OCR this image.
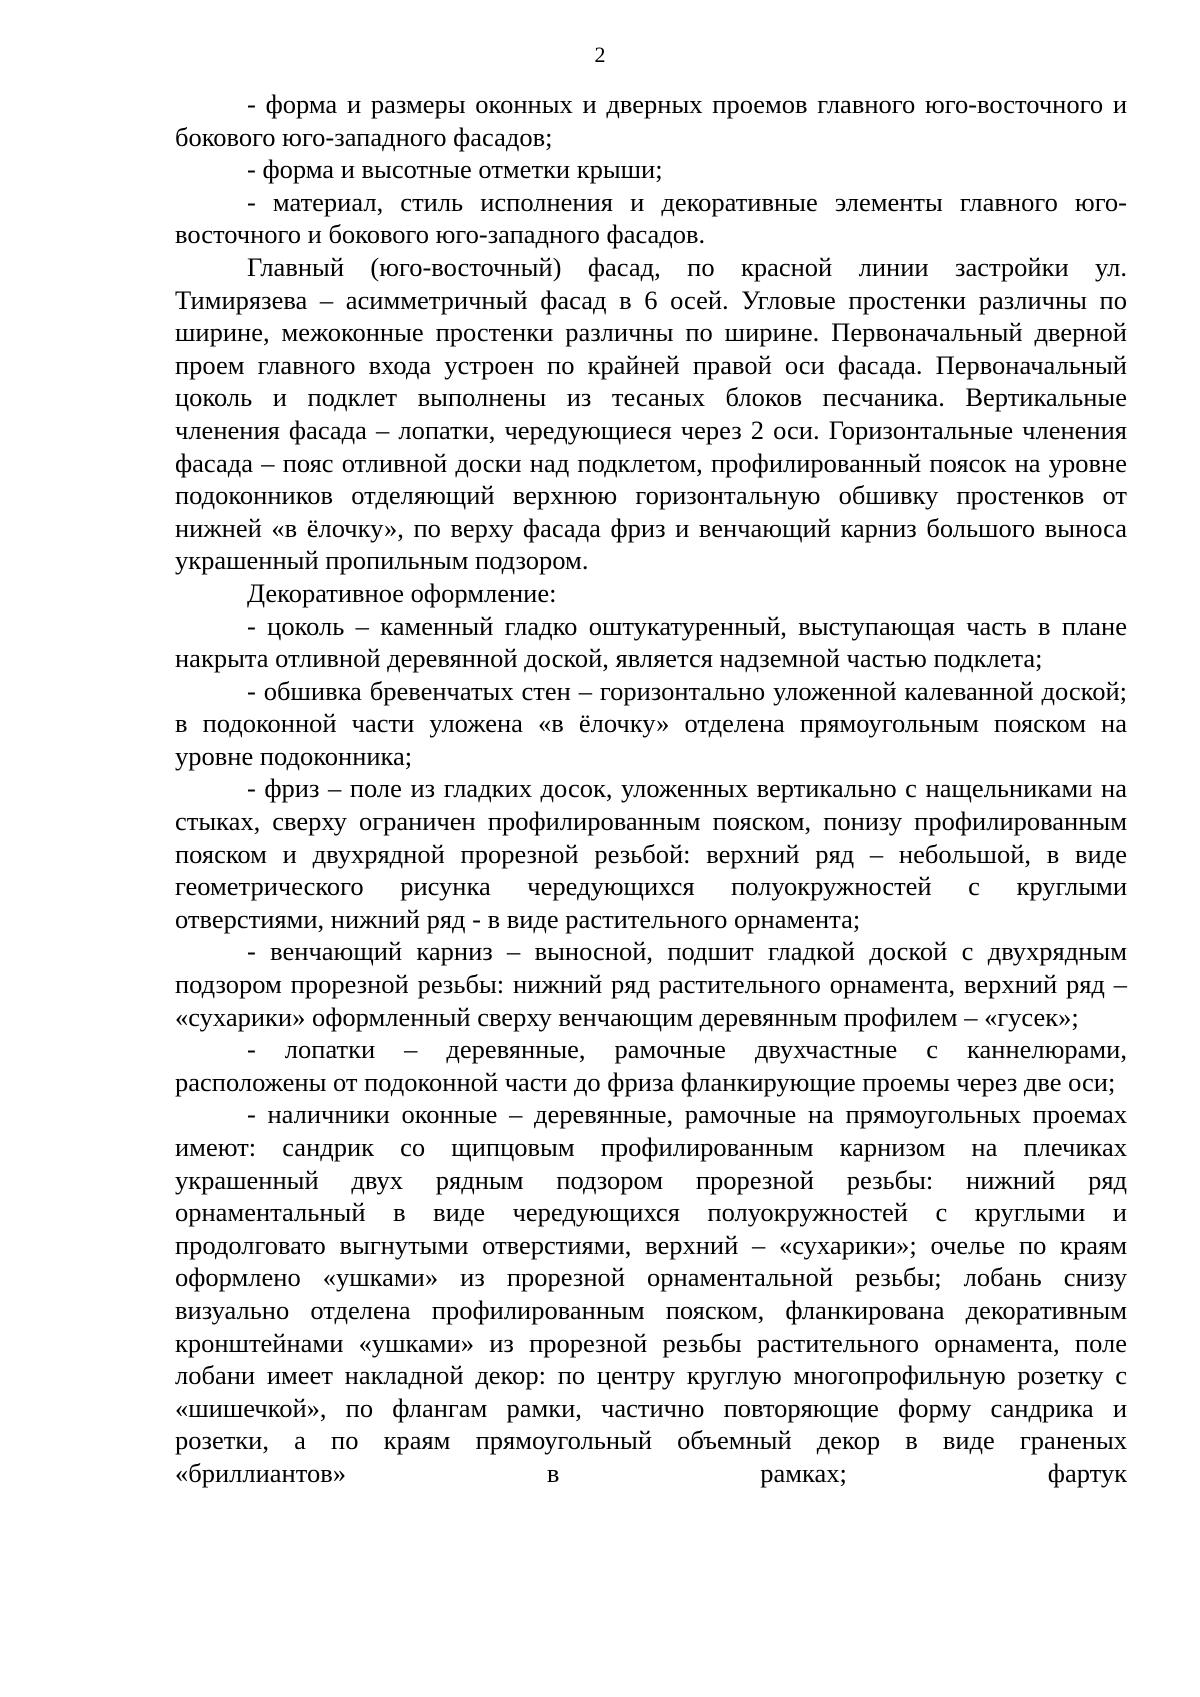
2

- форма и размеры оконных и дверных проемов главного юго-восточного и бокового юго-западного фасадов;

- форма и высотные отметки крыши;

- материал, стиль исполнения и декоративные элементы главного юго-восточного и бокового юго-западного фасадов.

Главный (юго-восточный) фасад, по красной линии застройки ул. Тимирязева – асимметричный фасад в 6 осей. Угловые простенки различны по ширине, межоконные простенки различны по ширине. Первоначальный дверной проем главного входа устроен по крайней правой оси фасада. Первоначальный цоколь и подклет выполнены из тесаных блоков песчаника. Вертикальные членения фасада – лопатки, чередующиеся через 2 оси. Горизонтальные членения фасада – пояс отливной доски над подклетом, профилированный поясок на уровне подоконников отделяющий верхнюю горизонтальную обшивку простенков от нижней «в ёлочку», по верху фасада фриз и венчающий карниз большого выноса украшенный пропильным подзором.

Декоративное оформление:

- цоколь – каменный гладко оштукатуренный, выступающая часть в плане накрыта отливной деревянной доской, является надземной частью подклета;

- обшивка бревенчатых стен – горизонтально уложенной калеванной доской; в подоконной части уложена «в ёлочку» отделена прямоугольным пояском на уровне подоконника;

- фриз – поле из гладких досок, уложенных вертикально с нащельниками на стыках, сверху ограничен профилированным пояском, понизу профилированным пояском и двухрядной прорезной резьбой: верхний ряд – небольшой, в виде геометрического рисунка чередующихся полуокружностей с круглыми отверстиями, нижний ряд - в виде растительного орнамента;

- венчающий карниз – выносной, подшит гладкой доской с двухрядным подзором прорезной резьбы: нижний ряд растительного орнамента, верхний ряд – «сухарики» оформленный сверху венчающим деревянным профилем – «гусек»;

- лопатки – деревянные, рамочные двухчастные с каннелюрами, расположены от подоконной части до фриза фланкирующие проемы через две оси;

- наличники оконные – деревянные, рамочные на прямоугольных проемах имеют: сандрик со щипцовым профилированным карнизом на плечиках украшенный двух рядным подзором прорезной резьбы: нижний ряд орнаментальный в виде чередующихся полуокружностей с круглыми и продолговато выгнутыми отверстиями, верхний – «сухарики»; очелье по краям оформлено «ушками» из прорезной орнаментальной резьбы; лобань снизу визуально отделена профилированным пояском, фланкирована декоративным кронштейнами «ушками» из прорезной резьбы растительного орнамента, поле лобани имеет накладной декор: по центру круглую многопрофильную розетку с «шишечкой», по флангам рамки, частично повторяющие форму сандрика и розетки, а по краям прямоугольный объемный декор в виде граненых «бриллиантов» в рамках; фартук
